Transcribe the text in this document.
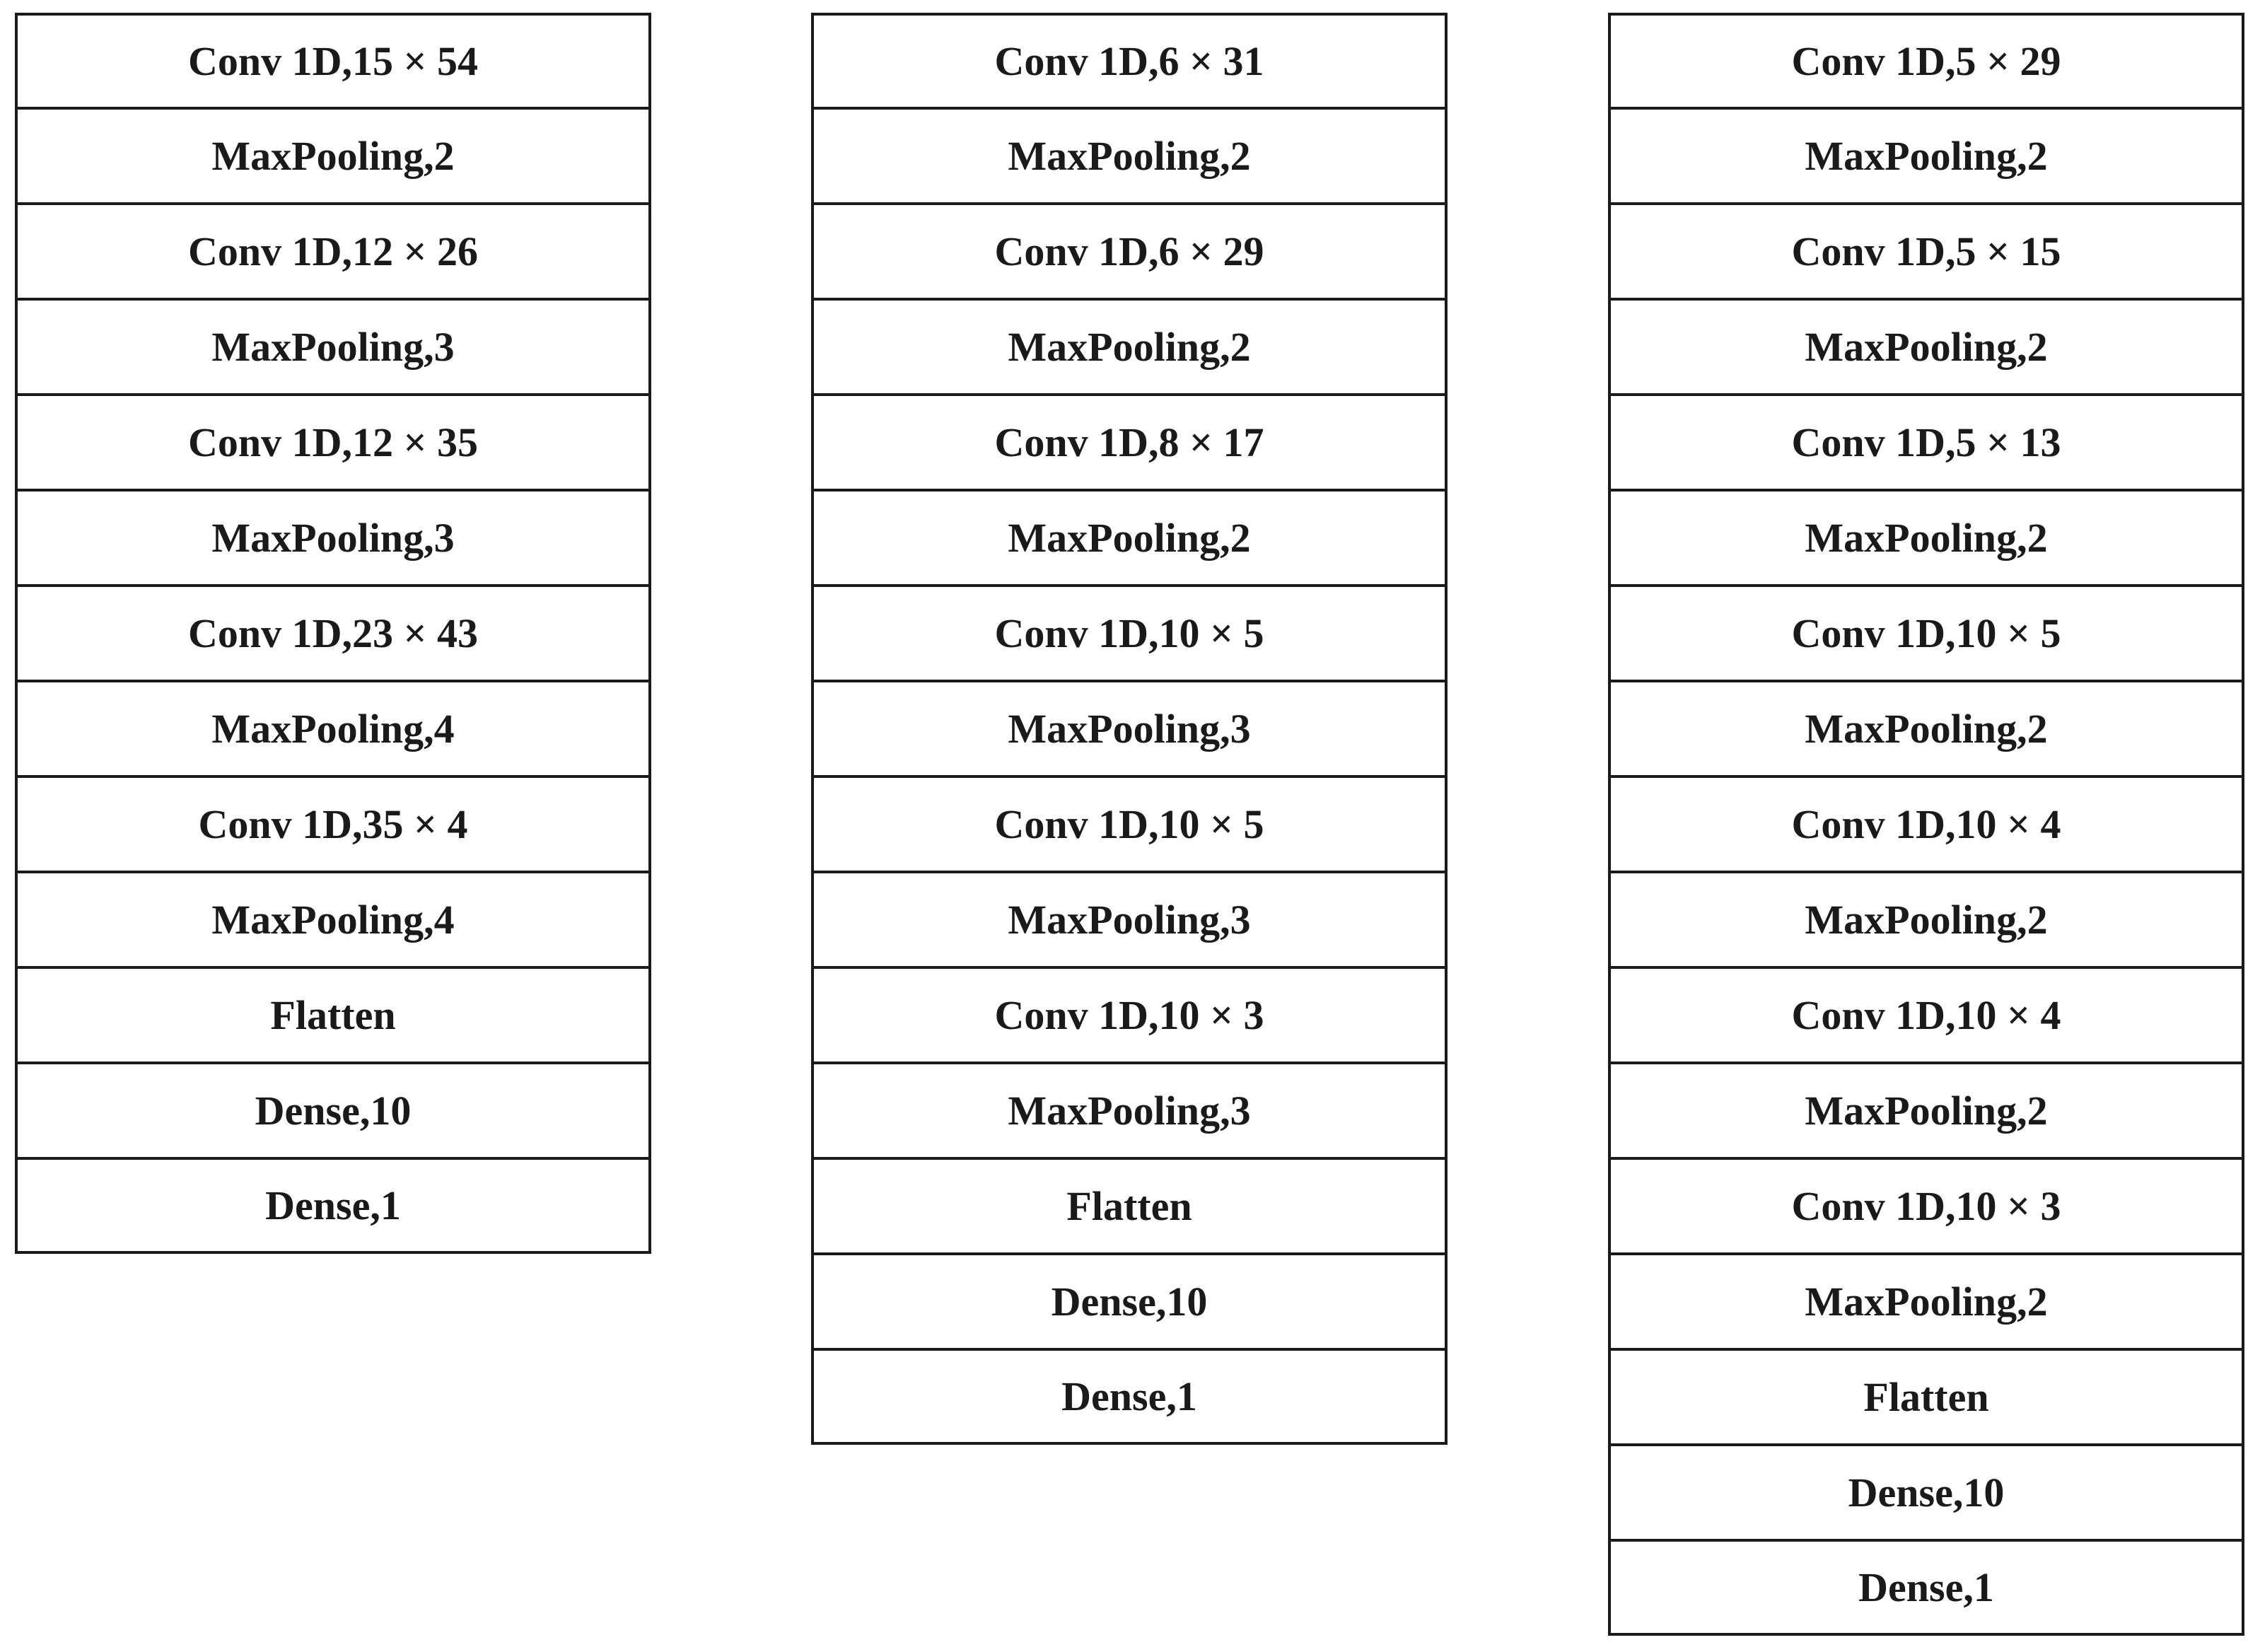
Conv 1D,15 × 54
MaxPooling,2
Conv 1D,12 × 26
MaxPooling,3
Conv 1D,12 × 35
MaxPooling,3
Conv 1D,23 × 43
MaxPooling,4
Conv 1D,35 × 4
MaxPooling,4
Flatten
Dense,10
Dense,1
Conv 1D,6 × 31
MaxPooling,2
Conv 1D,6 × 29
MaxPooling,2
Conv 1D,8 × 17
MaxPooling,2
Conv 1D,10 × 5
MaxPooling,3
Conv 1D,10 × 5
MaxPooling,3
Conv 1D,10 × 3
MaxPooling,3
Flatten
Dense,10
Dense,1
Conv 1D,5 × 29
MaxPooling,2
Conv 1D,5 × 15
MaxPooling,2
Conv 1D,5 × 13
MaxPooling,2
Conv 1D,10 × 5
MaxPooling,2
Conv 1D,10 × 4
MaxPooling,2
Conv 1D,10 × 4
MaxPooling,2
Conv 1D,10 × 3
MaxPooling,2
Flatten
Dense,10
Dense,1
